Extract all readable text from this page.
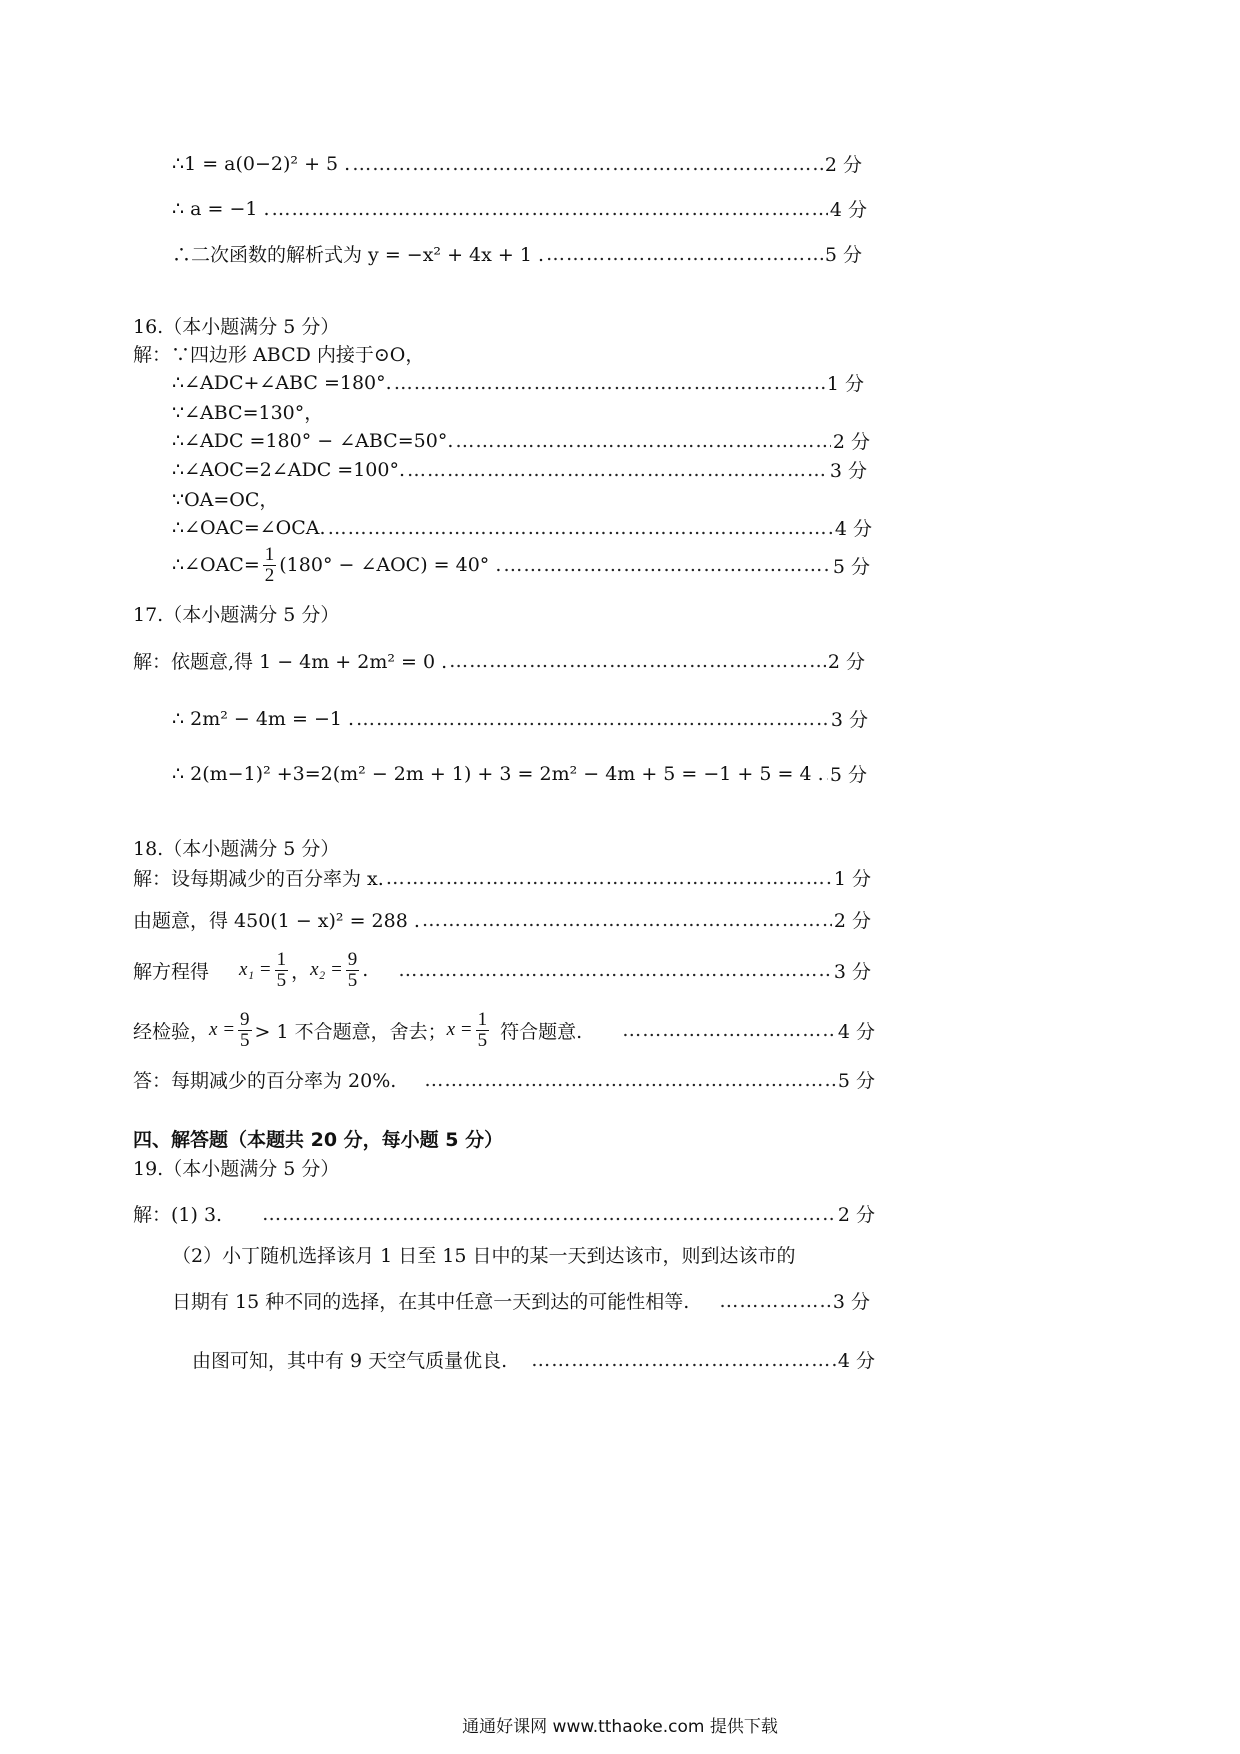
∴1 = a(0−2)² + 5 . …………………………………………………………………………………………………………………………………………………………………………………………………………	2 分
∴ a = −1 . …………………………………………………………………………………………………………………………………………………………………………………………………………	4 分
∴二次函数的解析式为 y = −x² + 4x + 1 . …………………………………………………………………………………………………………………………………………………………………………………………………………	5 分
16.（本小题满分 5 分）
解：∵四边形 ABCD 内接于⊙O，
∴∠ADC+∠ABC =180°. …………………………………………………………………………………………………………………………………………………………………………………………………………	1 分
∵∠ABC=130°，
∴∠ADC =180° − ∠ABC=50°. …………………………………………………………………………………………………………………………………………………………………………………………………………	2 分
∴∠AOC=2∠ADC =100°. …………………………………………………………………………………………………………………………………………………………………………………………………………	3 分
∵OA=OC，
∴∠OAC=∠OCA. …………………………………………………………………………………………………………………………………………………………………………………………………………	4 分
∴∠OAC= $\frac{1}{2} (180^\circ$ − ∠AOC) = 40° . …………………………………………………………………………………………………………………………………………………………………………………………………………	5 分
17.（本小题满分 5 分）
解：依题意,得 1 − 4m + 2m² = 0 . …………………………………………………………………………………………………………………………………………………………………………………………………………	2 分
∴ 2m² − 4m = −1 . …………………………………………………………………………………………………………………………………………………………………………………………………………	3 分
∴ 2(m−1)² +3=2(m² − 2m + 1) + 3 = 2m² − 4m + 5 = −1 + 5 = 4 . ………………………………………………………………………………………………………………………………………………………………………………………………………… 5 分
18.（本小题满分 5 分）
解：设每期减少的百分率为 x. …………………………………………………………………………………………………………………………………………………………………………………………………………	1 分
由题意，得 450(1 − x)² = 288 . …………………………………………………………………………………………………………………………………………………………………………………………………………	2 分
解方程得 $x_1 = \frac{1}{5}$ ， $x_2 = \frac{9}{5}$ . …………………………………………………………………………………………………………………………………………………………………………………………………………	3 分
经检验， $x = \frac{9}{5} > 1$ 不合题意，舍去； $x = \frac{1}{5}$ 符合题意. …………………………………………………………………………………………………………………………………………………………………………………………………………	4 分
答：每期减少的百分率为 20%. …………………………………………………………………………………………………………………………………………………………………………………………………………	5 分
四、解答题（本题共 20 分，每小题 5 分）
19.（本小题满分 5 分）
解：(1) 3. …………………………………………………………………………………………………………………………………………………………………………………………………………	2 分
（2）小丁随机选择该月 1 日至 15 日中的某一天到达该市，则到达该市的
日期有 15 种不同的选择，在其中任意一天到达的可能性相等. …………………………………………………………………………………………………………………………………………………………………………………………………………	3 分
由图可知，其中有 9 天空气质量优良. …………………………………………………………………………………………………………………………………………………………………………………………………………	4 分
通通好课网 www.tthaoke.com 提供下载
